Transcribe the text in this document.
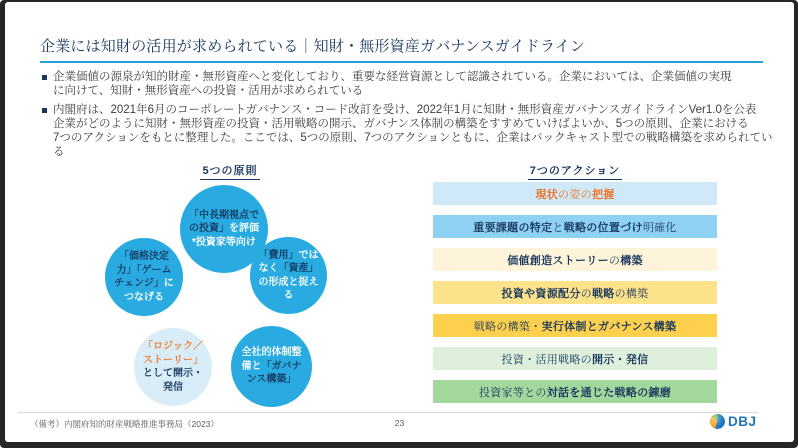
企業には知財の活用が求められている｜知財・無形資産ガバナンスガイドライン
企業価値の源泉が知的財産・無形資産へと変化しており、重要な経営資源として認識されている。企業においては、企業価値の実現
に向けて、知財・無形資産への投資・活用が求められている
内閣府は、2021年6月のコーポレートガバナンス・コード改訂を受け、2022年1月に知財・無形資産ガバナンスガイドラインVer1.0を公表
企業がどのように知財・無形資産の投資・活用戦略の開示、ガバナンス体制の構築をすすめていけばよいか、5つの原則、企業における
7つのアクションをもとに整理した。ここでは、5つの原則、7つのアクションともに、企業はバックキャスト型での戦略構築を求められている
5つの原則
「中長期視点での投資」を評価
*投資家等向け
「価格決定力」「ゲームチェンジ」につなげる
「費用」ではなく「資産」の形成と捉える
「ロジック／ストーリー」として開示・発信
全社的体制整備と「ガバナンス構築」
7つのアクション
現状 の姿の 把握
重要課題の特定 と 戦略の位置づけ 明確化
価値創造ストーリー の 構築
投資や資源配分 の 戦略 の構築
戦略の構築・ 実行体制とガバナンス構築
投資・活用戦略の 開示・発信
投資家等との 対話を通じた戦略の錬磨
（備考）内閣府知的財産戦略推進事務局（2023）	23	DBJ
